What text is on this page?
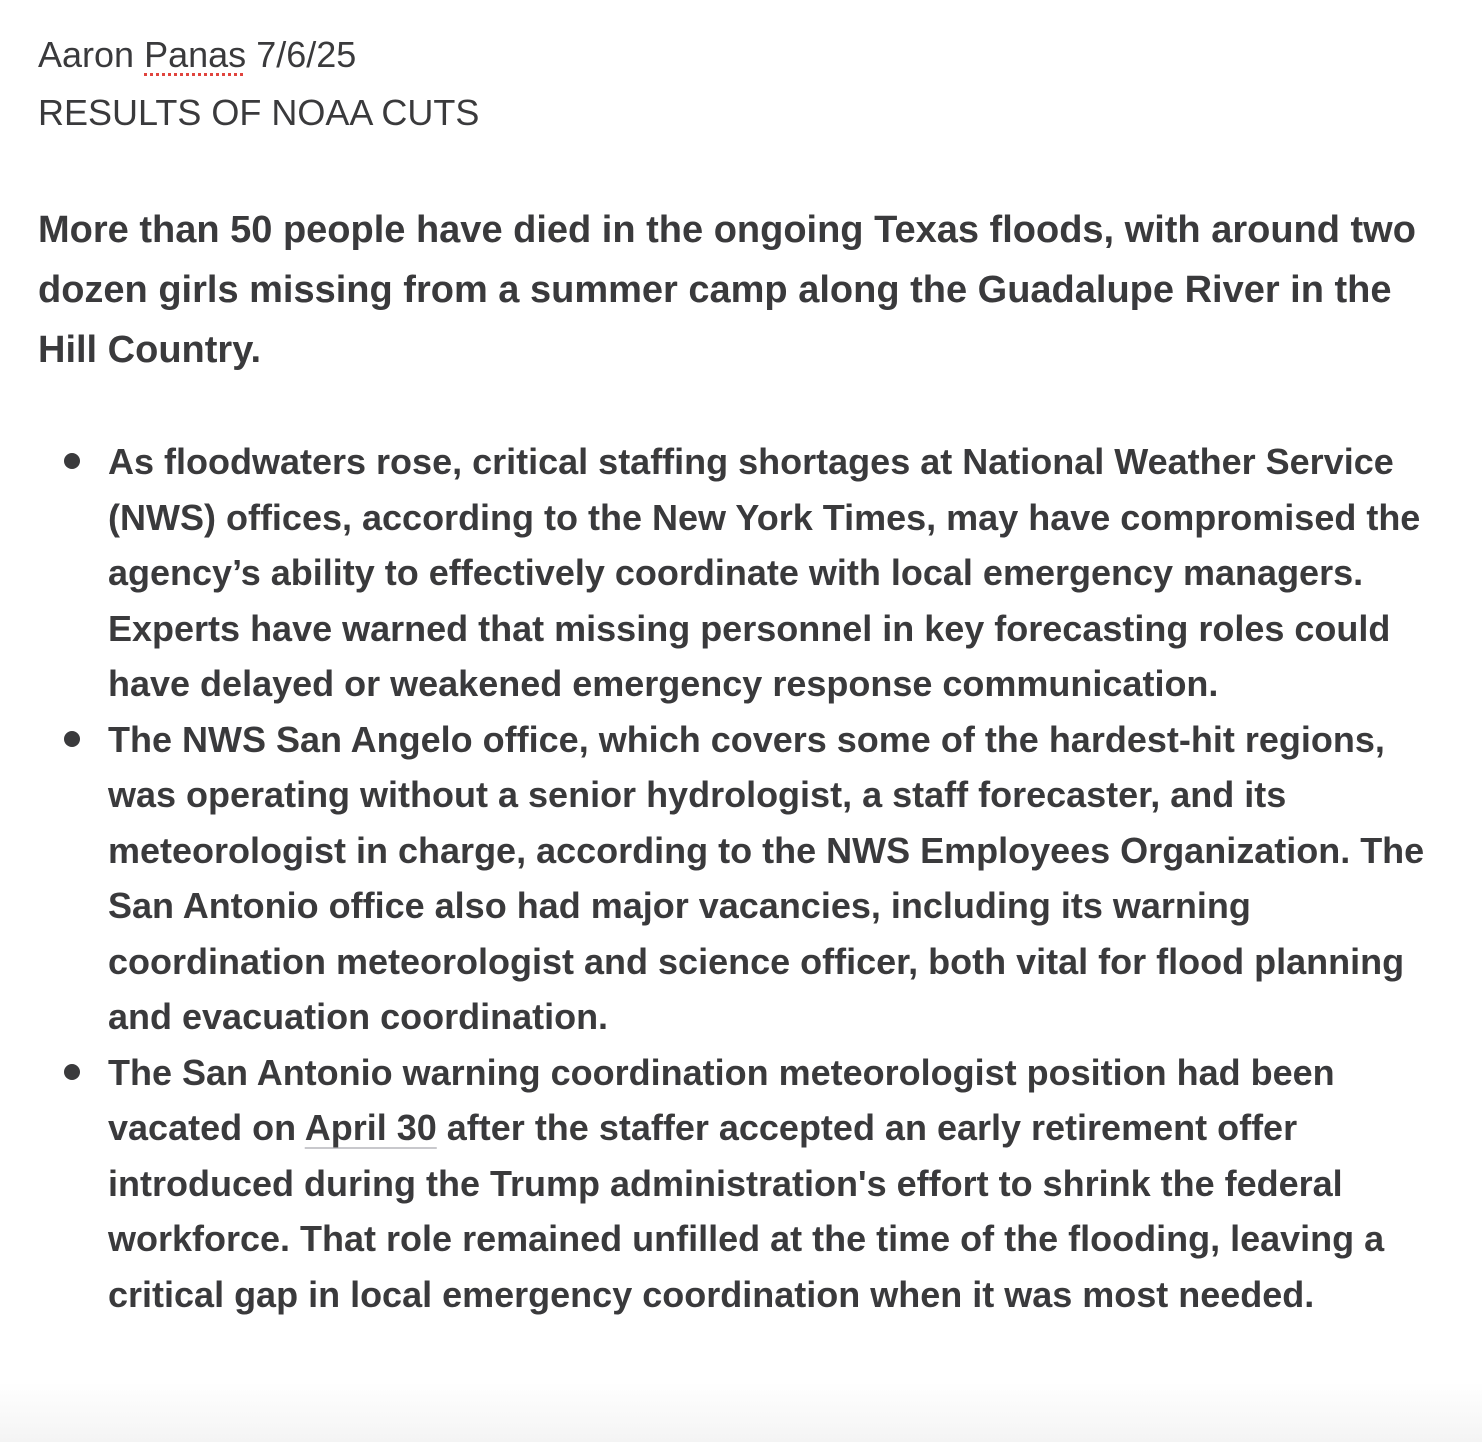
Aaron Panas 7/6/25
RESULTS OF NOAA CUTS
More than 50 people have died in the ongoing Texas floods, with around two dozen girls missing from a summer camp along the Guadalupe River in the Hill Country.
As floodwaters rose, critical staffing shortages at National Weather Service (NWS) offices, according to the New York Times, may have compromised the agency’s ability to effectively coordinate with local emergency managers. Experts have warned that missing personnel in key forecasting roles could have delayed or weakened emergency response communication.
The NWS San Angelo office, which covers some of the hardest-hit regions, was operating without a senior hydrologist, a staff forecaster, and its meteorologist in charge, according to the NWS Employees Organization. The San Antonio office also had major vacancies, including its warning coordination meteorologist and science officer, both vital for flood planning and evacuation coordination.
The San Antonio warning coordination meteorologist position had been vacated on April 30 after the staffer accepted an early retirement offer introduced during the Trump administration's effort to shrink the federal workforce. That role remained unfilled at the time of the flooding, leaving a critical gap in local emergency coordination when it was most needed.
